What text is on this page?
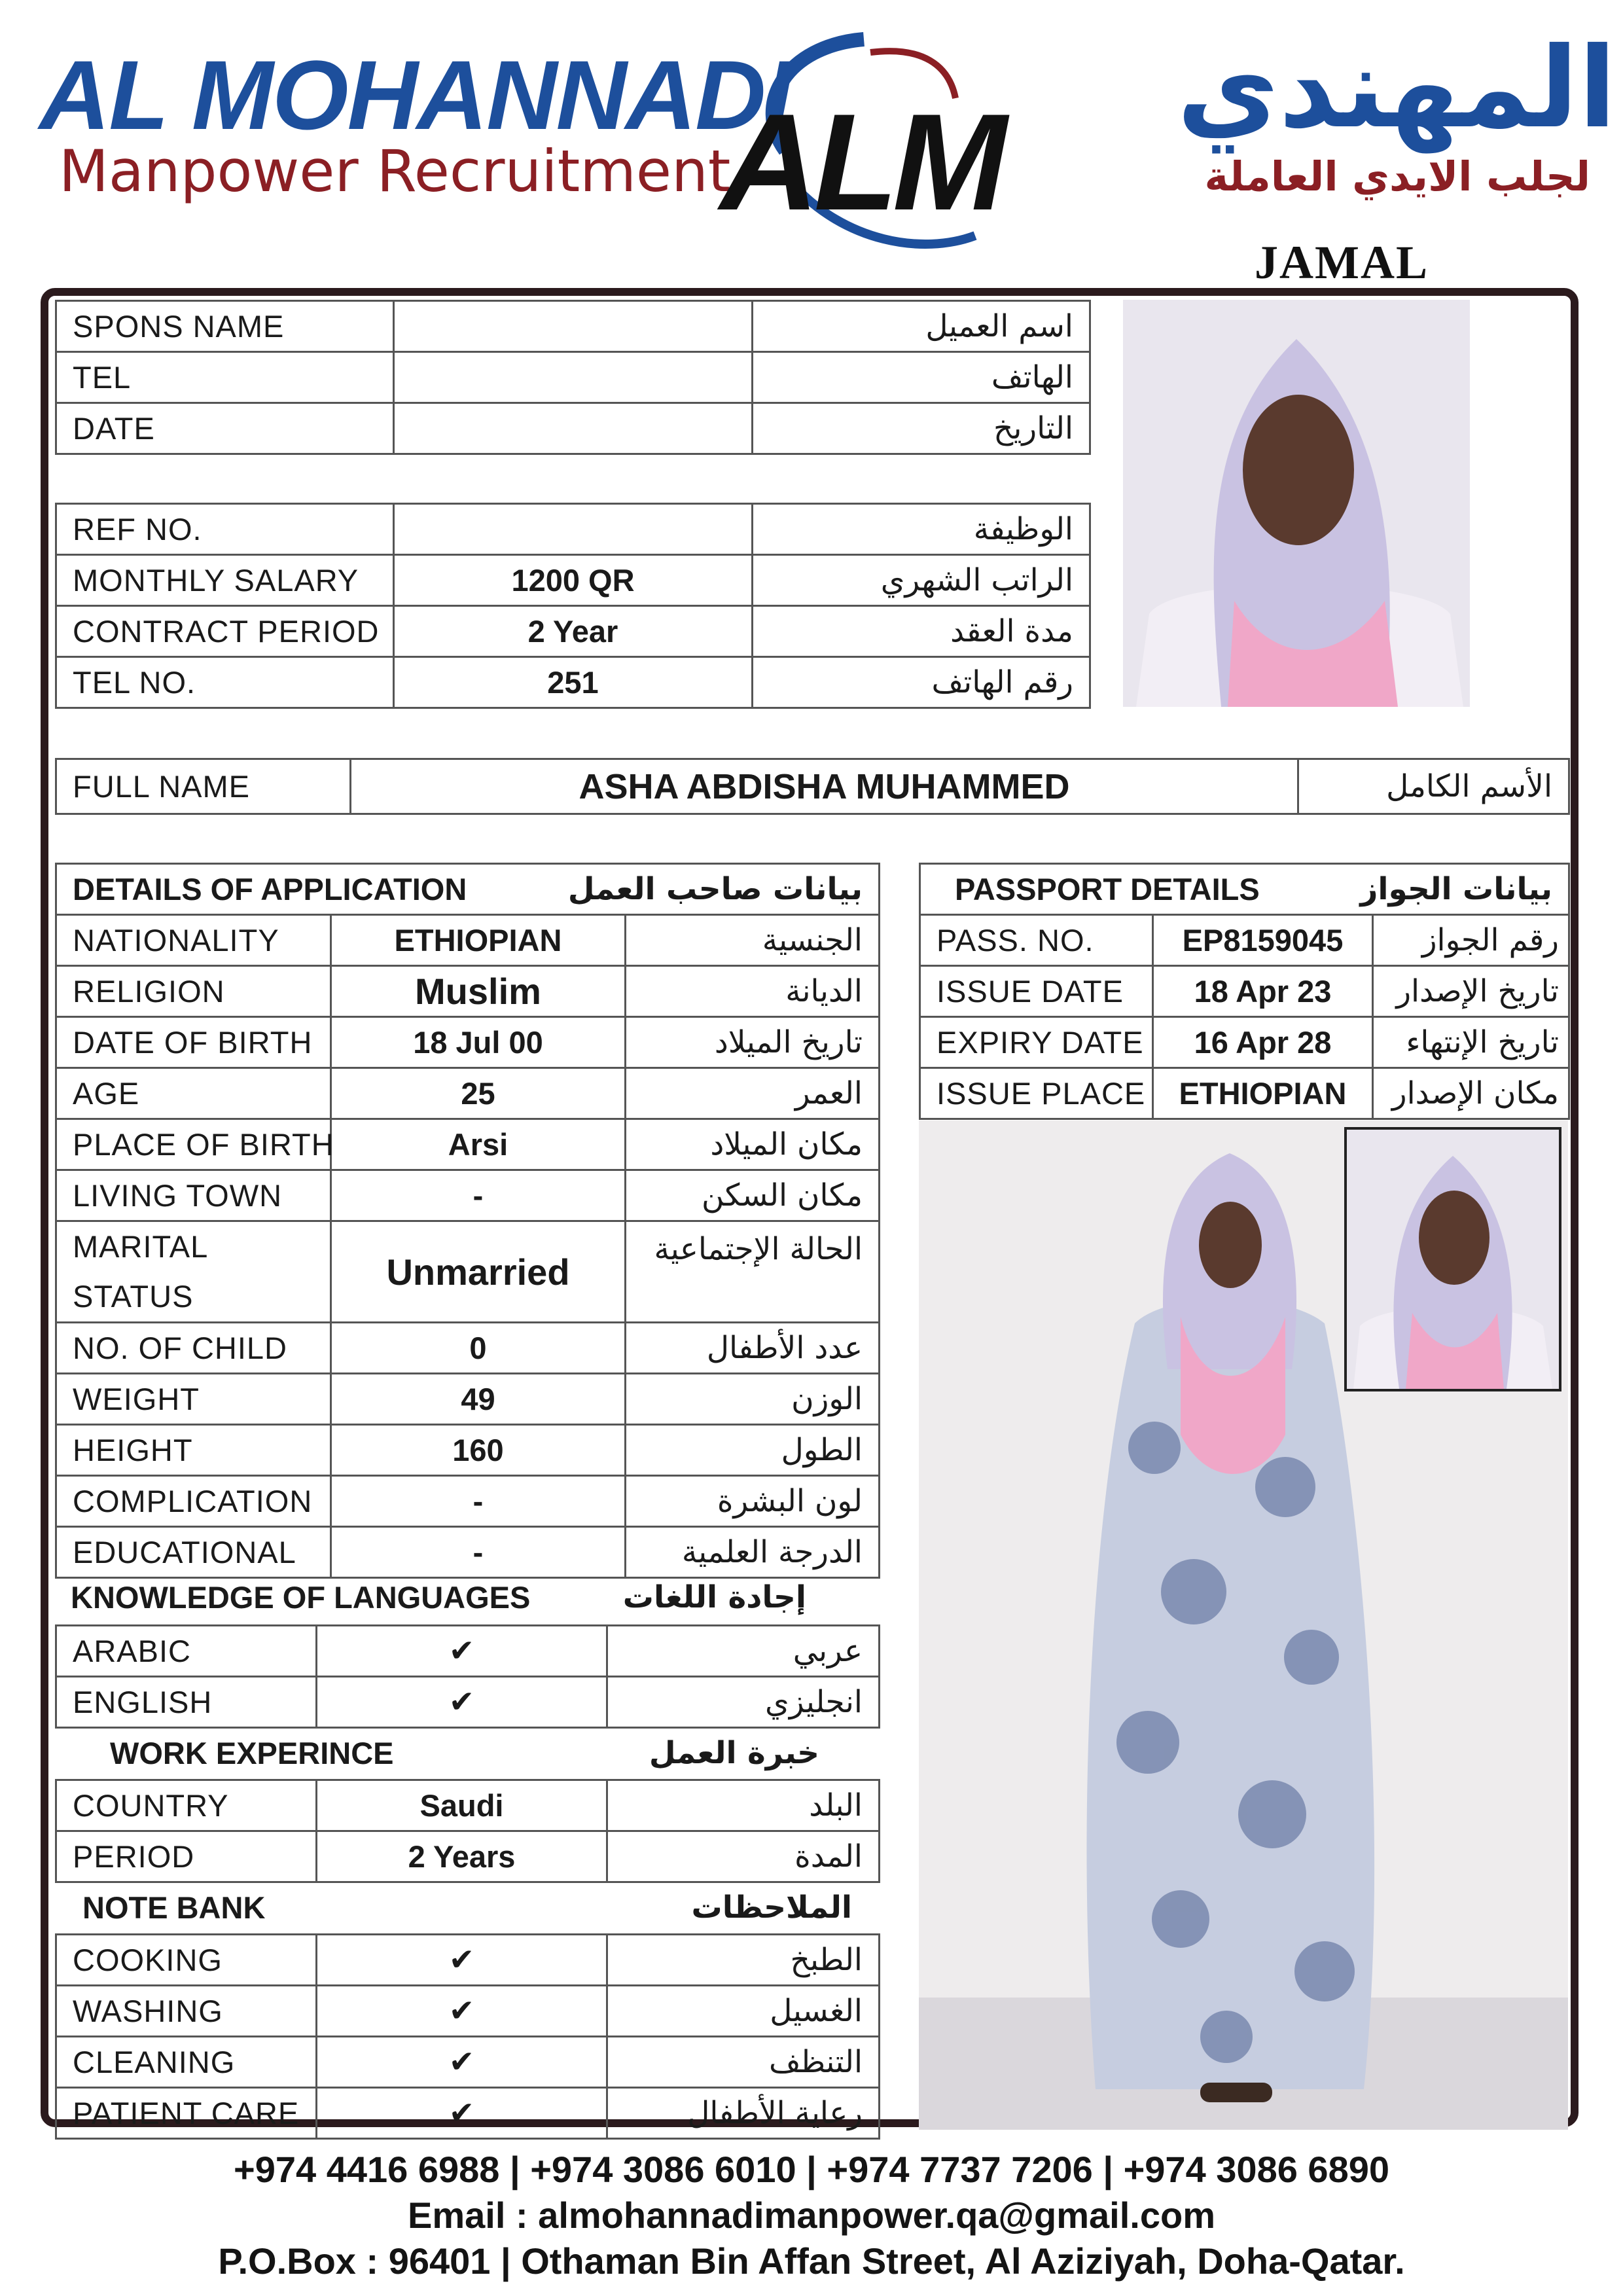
AL MOHANNADI
Manpower Recruitment
ALM	المهندي
لجلب الايدي العاملة
JAMAL
SPONS NAME		اسم العميل
TEL		الهاتف
DATE		التاريخ
REF NO.		الوظيفة
MONTHLY SALARY	1200 QR	الراتب الشهري
CONTRACT PERIOD	2 Year	مدة العقد
TEL NO.	251	رقم الهاتف
FULL NAME	ASHA ABDISHA MUHAMMED	الأسم الكامل
DETAILS OF APPLICATION		بيانات صاحب العمل
NATIONALITY	ETHIOPIAN	الجنسية
RELIGION	Muslim	الديانة
DATE OF BIRTH	18 Jul 00	تاريخ الميلاد
AGE	25	العمر
PLACE OF BIRTH	Arsi	مكان الميلاد
LIVING TOWN	-	مكان السكن

MARITAL
STATUS	Unmarried	الحالة الإجتماعية
NO. OF CHILD	0	عدد الأطفال
WEIGHT	49	الوزن
HEIGHT	160	الطول
COMPLICATION	-	لون البشرة
EDUCATIONAL	-	الدرجة العلمية
KNOWLEDGE OF LANGUAGES	إجادة اللغات
ARABIC	✔	عربي
ENGLISH	✔	انجليزي
WORK EXPERINCE	خبرة العمل
COUNTRY	Saudi	البلد
PERIOD	2 Years	المدة
NOTE BANK	الملاحظات
COOKING	✔	الطبخ
WASHING	✔	الغسيل
CLEANING	✔	التنظف
PATIENT CARE	✔	رعاية الأطفال
PASSPORT DETAILS		بيانات الجواز
PASS. NO.	EP8159045	رقم الجواز
ISSUE DATE	18 Apr 23	تاريخ الإصدار
EXPIRY DATE	16 Apr 28	تاريخ الإنتهاء
ISSUE PLACE	ETHIOPIAN	مكان الإصدار
+974 4416 6988 | +974 3086 6010 | +974 7737 7206 | +974 3086 6890
Email : almohannadimanpower.qa@gmail.com
P.O.Box : 96401 | Othaman Bin Affan Street, Al Aziziyah, Doha-Qatar.
